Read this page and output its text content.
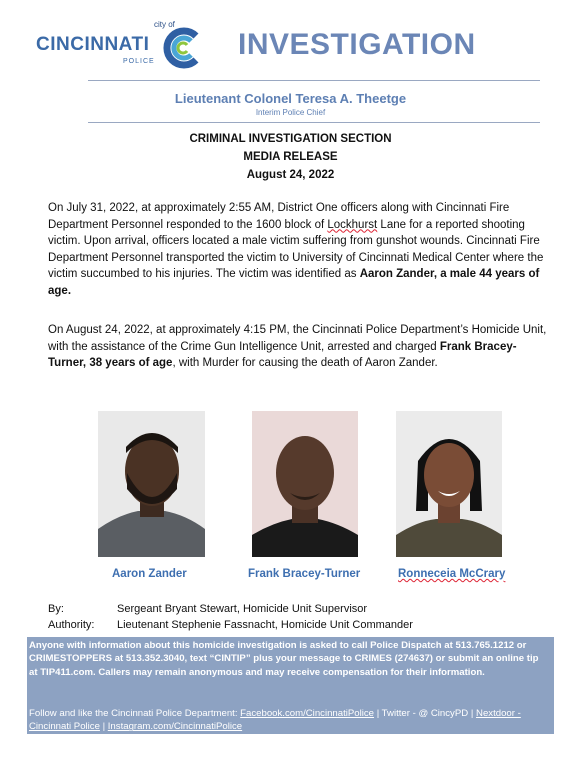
city of
CINCINNATI
POLICE
INVESTIGATION
Lieutenant Colonel Teresa A. Theetge
Interim Police Chief
CRIMINAL INVESTIGATION SECTION
MEDIA RELEASE
August 24, 2022

On July 31, 2022, at approximately 2:55 AM, District One officers along with Cincinnati Fire Department Personnel responded to the 1600 block of Lockhurst Lane for a reported shooting victim. Upon arrival, officers located a male victim suffering from gunshot wounds. Cincinnati Fire Department Personnel transported the victim to University of Cincinnati Medical Center where the victim succumbed to his injuries. The victim was identified as Aaron Zander, a male 44 years of age.

On August 24, 2022, at approximately 4:15 PM, the Cincinnati Police Department’s Homicide Unit, with the assistance of the Crime Gun Intelligence Unit, arrested and charged Frank Bracey-Turner, 38 years of age, with Murder for causing the death of Aaron Zander.

Aaron Zander	Frank Bracey-Turner	Ronneceia McCrary
By:	Sergeant Bryant Stewart, Homicide Unit Supervisor
Authority: Lieutenant Stephenie Fassnacht, Homicide Unit Commander

Anyone with information about this homicide investigation is asked to call Police Dispatch at 513.765.1212 or CRIMESTOPPERS at 513.352.3040, text “CINTIP” plus your message to CRIMES (274637) or submit an online tip at TIP411.com. Callers may remain anonymous and may receive compensation for their information.

Follow and like the Cincinnati Police Department: Facebook.com/CincinnatiPolice | Twitter - @ CincyPD | Nextdoor - Cincinnati Police | Instagram.com/CincinnatiPolice
